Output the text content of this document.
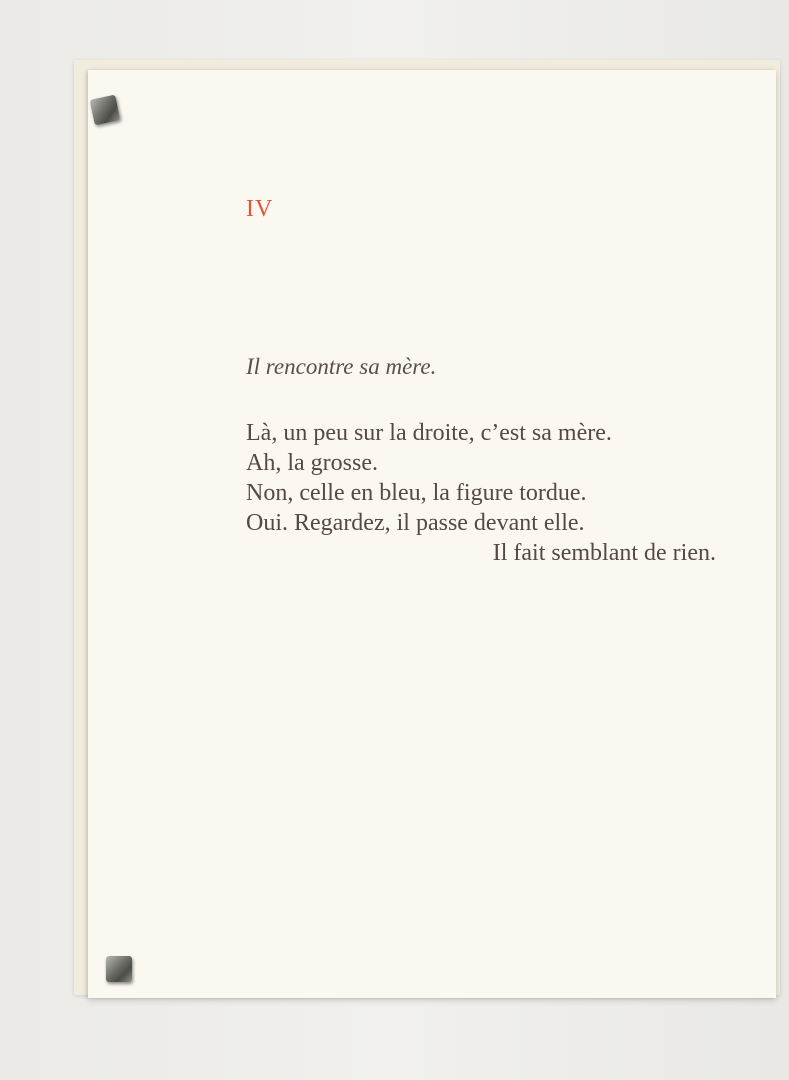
IV
Il rencontre sa mère.
Là, un peu sur la droite, c’est sa mère.
Ah, la grosse.
Non, celle en bleu, la figure tordue.
Oui. Regardez, il passe devant elle.
Il fait semblant de rien.
